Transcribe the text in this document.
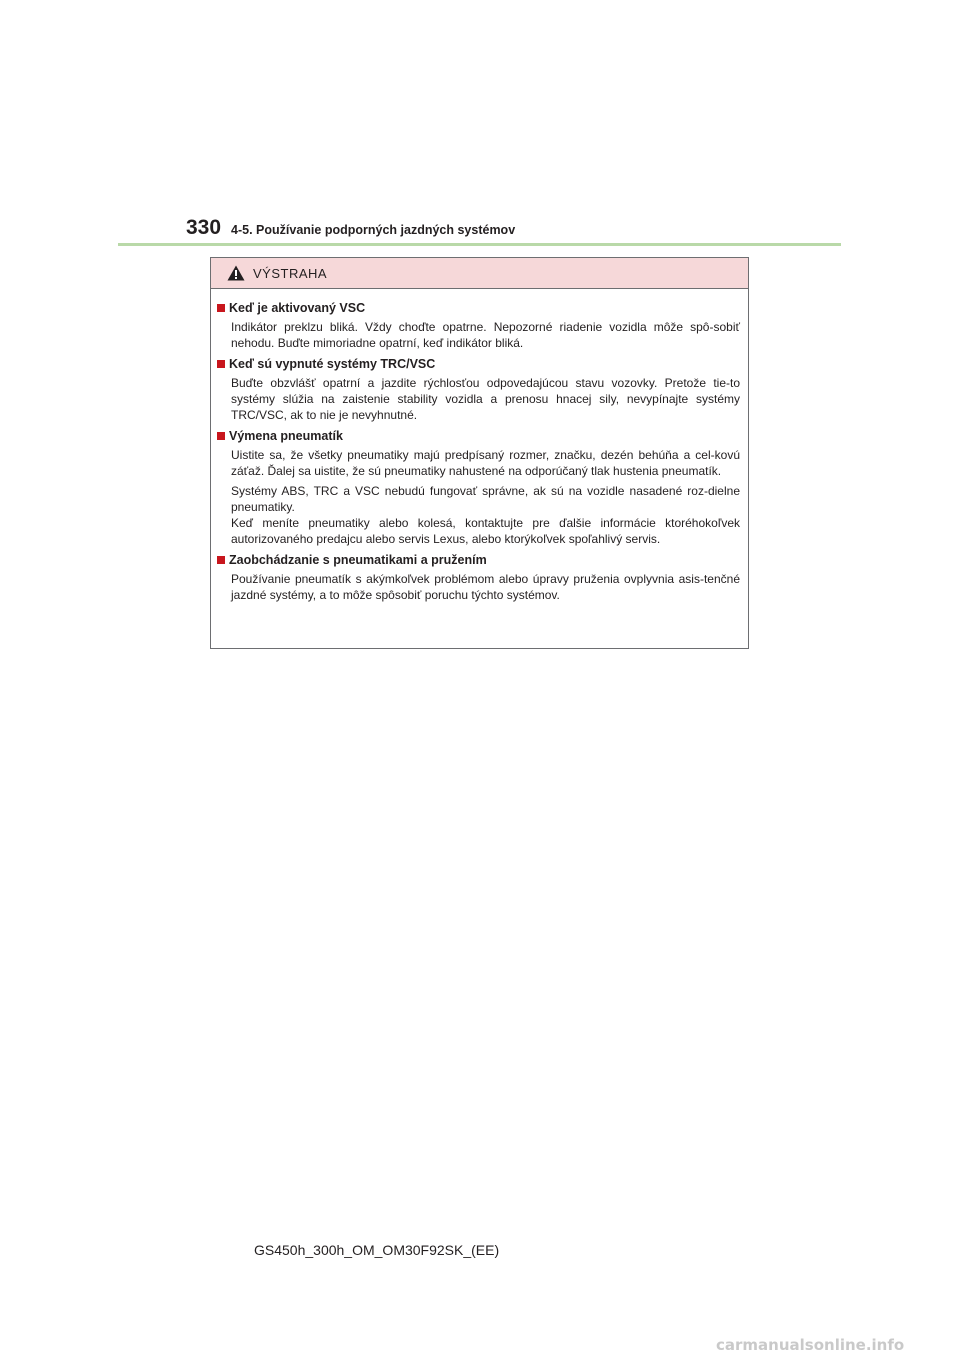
330 4-5. Používanie podporných jazdných systémov
VÝSTRAHA
Keď je aktivovaný VSC

Indikátor preklzu bliká. Vždy choďte opatrne. Nepozorné riadenie vozidla môže spô-sobiť nehodu. Buďte mimoriadne opatrní, keď indikátor bliká.

Keď sú vypnuté systémy TRC/VSC

Buďte obzvlášť opatrní a jazdite rýchlosťou odpovedajúcou stavu vozovky. Pretože tie-to systémy slúžia na zaistenie stability vozidla a prenosu hnacej sily, nevypínajte systémy TRC/VSC, ak to nie je nevyhnutné.

Výmena pneumatík

Uistite sa, že všetky pneumatiky majú predpísaný rozmer, značku, dezén behúňa a cel-kovú záťaž. Ďalej sa uistite, že sú pneumatiky nahustené na odporúčaný tlak hustenia pneumatík.

Systémy ABS, TRC a VSC nebudú fungovať správne, ak sú na vozidle nasadené roz-dielne pneumatiky.

Keď meníte pneumatiky alebo kolesá, kontaktujte pre ďalšie informácie ktoréhokoľvek autorizovaného predajcu alebo servis Lexus, alebo ktorýkoľvek spoľahlivý servis.

Zaobchádzanie s pneumatikami a pružením

Používanie pneumatík s akýmkoľvek problémom alebo úpravy pruženia ovplyvnia asis-tenčné jazdné systémy, a to môže spôsobiť poruchu týchto systémov.

GS450h_300h_OM_OM30F92SK_(EE)
carmanualsonline.info
